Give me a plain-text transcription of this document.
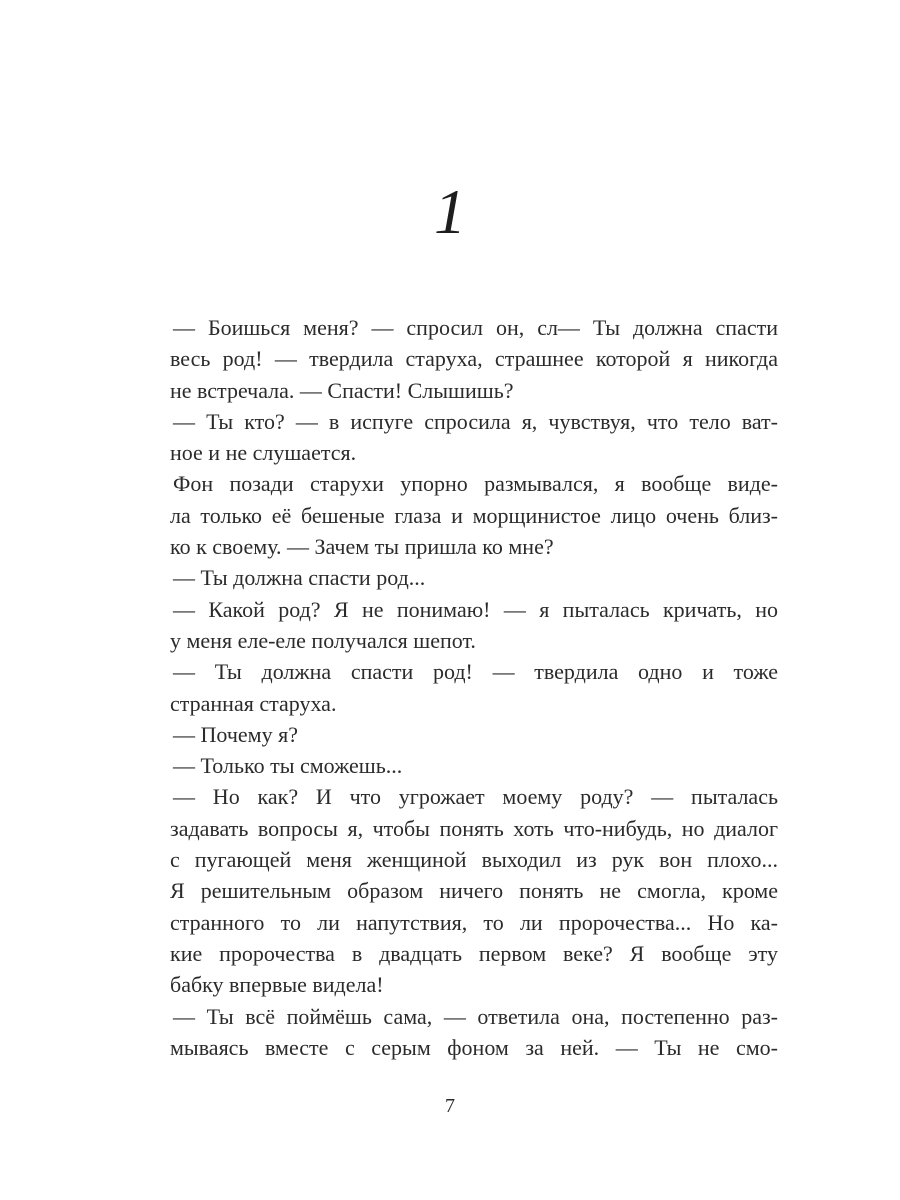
1
— Боишься меня? — спросил он, сл— Ты должна спасти
весь род! — твердила старуха, страшнее которой я никогда
не встречала. — Спасти! Слышишь?
— Ты кто? — в испуге спросила я, чувствуя, что тело ват-
ное и не слушается.
Фон позади старухи упорно размывался, я вообще виде-
ла только её бешеные глаза и морщинистое лицо очень близ-
ко к своему. — Зачем ты пришла ко мне?
— Ты должна спасти род...
— Какой род? Я не понимаю! — я пыталась кричать, но
у меня еле-еле получался шепот.
— Ты должна спасти род! — твердила одно и тоже
странная старуха.
— Почему я?
— Только ты сможешь...
— Но как? И что угрожает моему роду? — пыталась
задавать вопросы я, чтобы понять хоть что-нибудь, но диалог
с пугающей меня женщиной выходил из рук вон плохо...
Я решительным образом ничего понять не смогла, кроме
странного то ли напутствия, то ли пророчества... Но ка-
кие пророчества в двадцать первом веке? Я вообще эту
бабку впервые видела!
— Ты всё поймёшь сама, — ответила она, постепенно раз-
мываясь вместе с серым фоном за ней. — Ты не смо-
7
